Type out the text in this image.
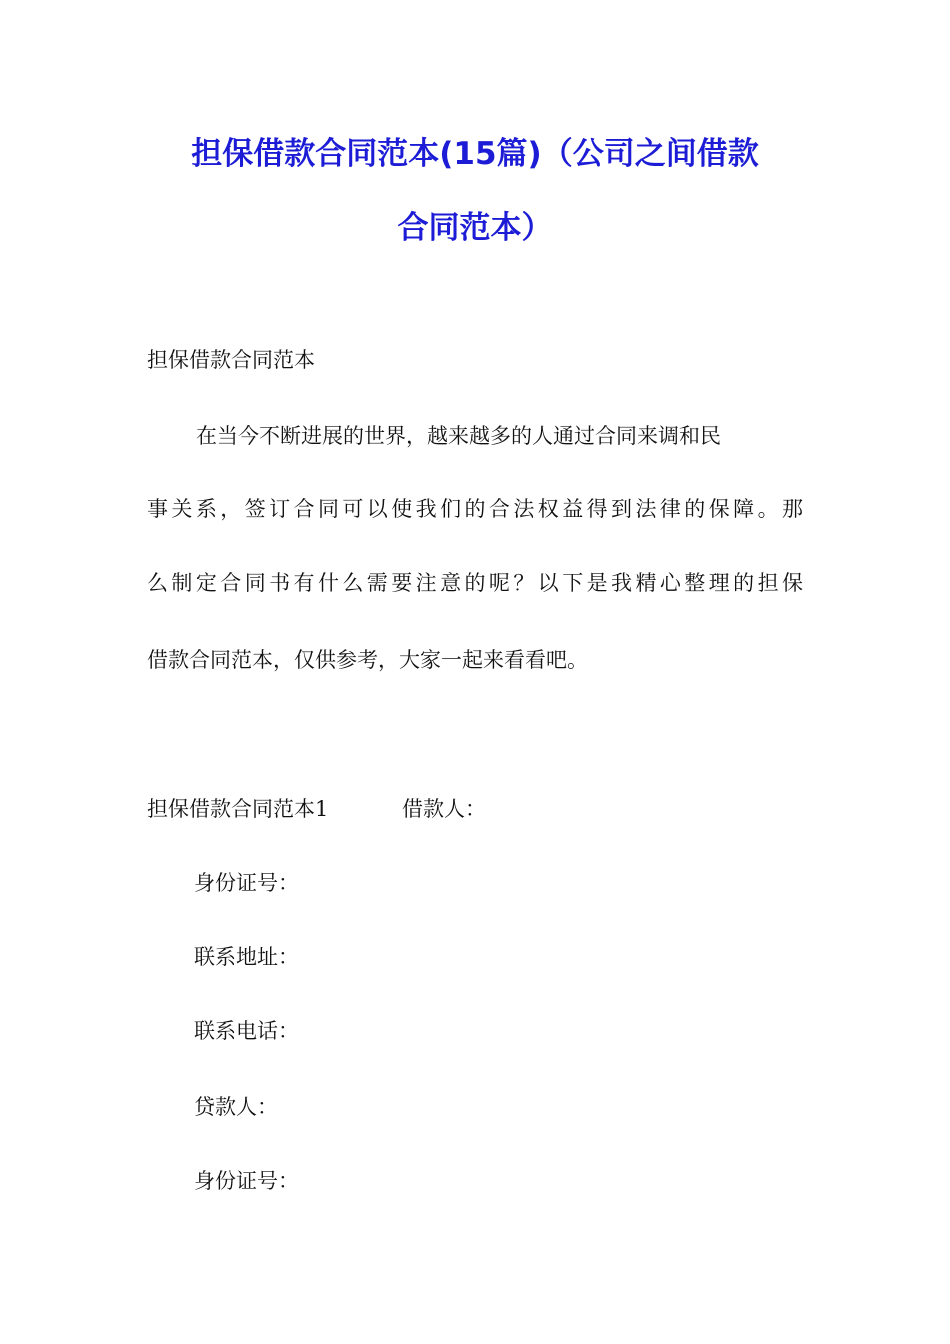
担保借款合同范本(15篇)（公司之间借款
合同范本）
担保借款合同范本
在当今不断进展的世界，越来越多的人通过合同来调和民
事关系，签订合同可以使我们的合法权益得到法律的保障。那
么制定合同书有什么需要注意的呢？以下是我精心整理的担保
借款合同范本，仅供参考，大家一起来看看吧。
担保借款合同范本1	借款人：
身份证号：
联系地址：
联系电话：
贷款人：
身份证号：
